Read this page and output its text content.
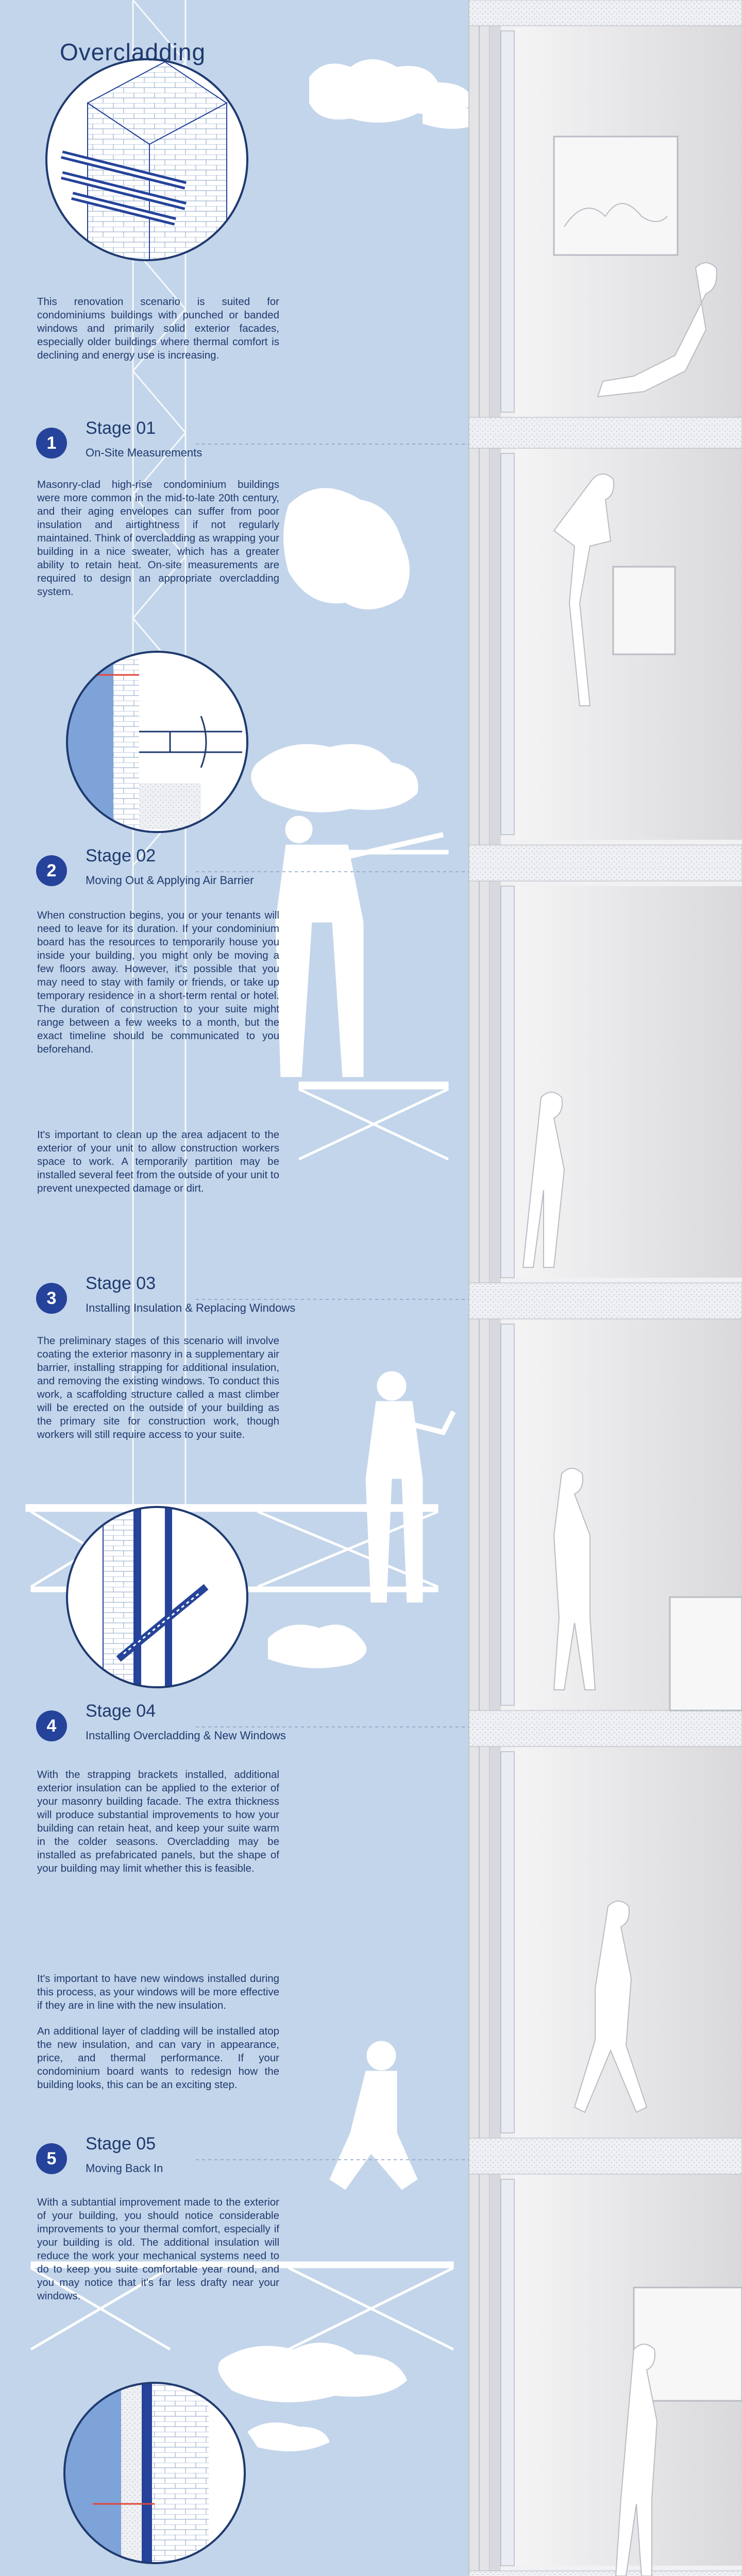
Overcladding
This renovation scenario is suited for condominiums buildings with punched or banded windows and primarily solid exterior facades, especially older buildings where thermal comfort is declining and energy use is increasing.
1
Stage 01
On-Site Measurements
Masonry-clad high-rise condominium buildings were more common in the mid-to-late 20th century, and their aging envelopes can suffer from poor insulation and airtightness if not regularly maintained. Think of overcladding as wrapping your building in a nice sweater, which has a greater ability to retain heat. On-site measurements are required to design an appropriate overcladding system.
2
Stage 02
Moving Out & Applying Air Barrier
When construction begins, you or your tenants will need to leave for its duration. If your condominium board has the resources to temporarily house you inside your building, you might only be moving a few floors away. However, it's possible that you may need to stay with family or friends, or take up temporary residence in a short-term rental or hotel. The duration of construction to your suite might range between a few weeks to a month, but the exact timeline should be communicated to you beforehand.
It's important to clean up the area adjacent to the exterior of your unit to allow construction workers space to work. A temporarily partition may be installed several feet from the outside of your unit to prevent unexpected damage or dirt.
3
Stage 03
Installing Insulation & Replacing Windows
The preliminary stages of this scenario will involve coating the exterior masonry in a supplementary air barrier, installing strapping for additional insulation, and removing the existing windows. To conduct this work, a scaffolding structure called a mast climber will be erected on the outside of your building as the primary site for construction work, though workers will still require access to your suite.
4
Stage 04
Installing Overcladding & New Windows
With the strapping brackets installed, additional exterior insulation can be applied to the exterior of your masonry building facade. The extra thickness will produce substantial improvements to how your building can retain heat, and keep your suite warm in the colder seasons. Overcladding may be installed as prefabricated panels, but the shape of your building may limit whether this is feasible.
It's important to have new windows installed during this process, as your windows will be more effective if they are in line with the new insulation.
An additional layer of cladding will be installed atop the new insulation, and can vary in appearance, price, and thermal performance. If your condominium board wants to redesign how the building looks, this can be an exciting step.
5
Stage 05
Moving Back In
With a subtantial improvement made to the exterior of your building, you should notice considerable improvements to your thermal comfort, especially if your building is old. The additional insulation will reduce the work your mechanical systems need to do to keep you suite comfortable year round, and you may notice that it's far less drafty near your windows.
